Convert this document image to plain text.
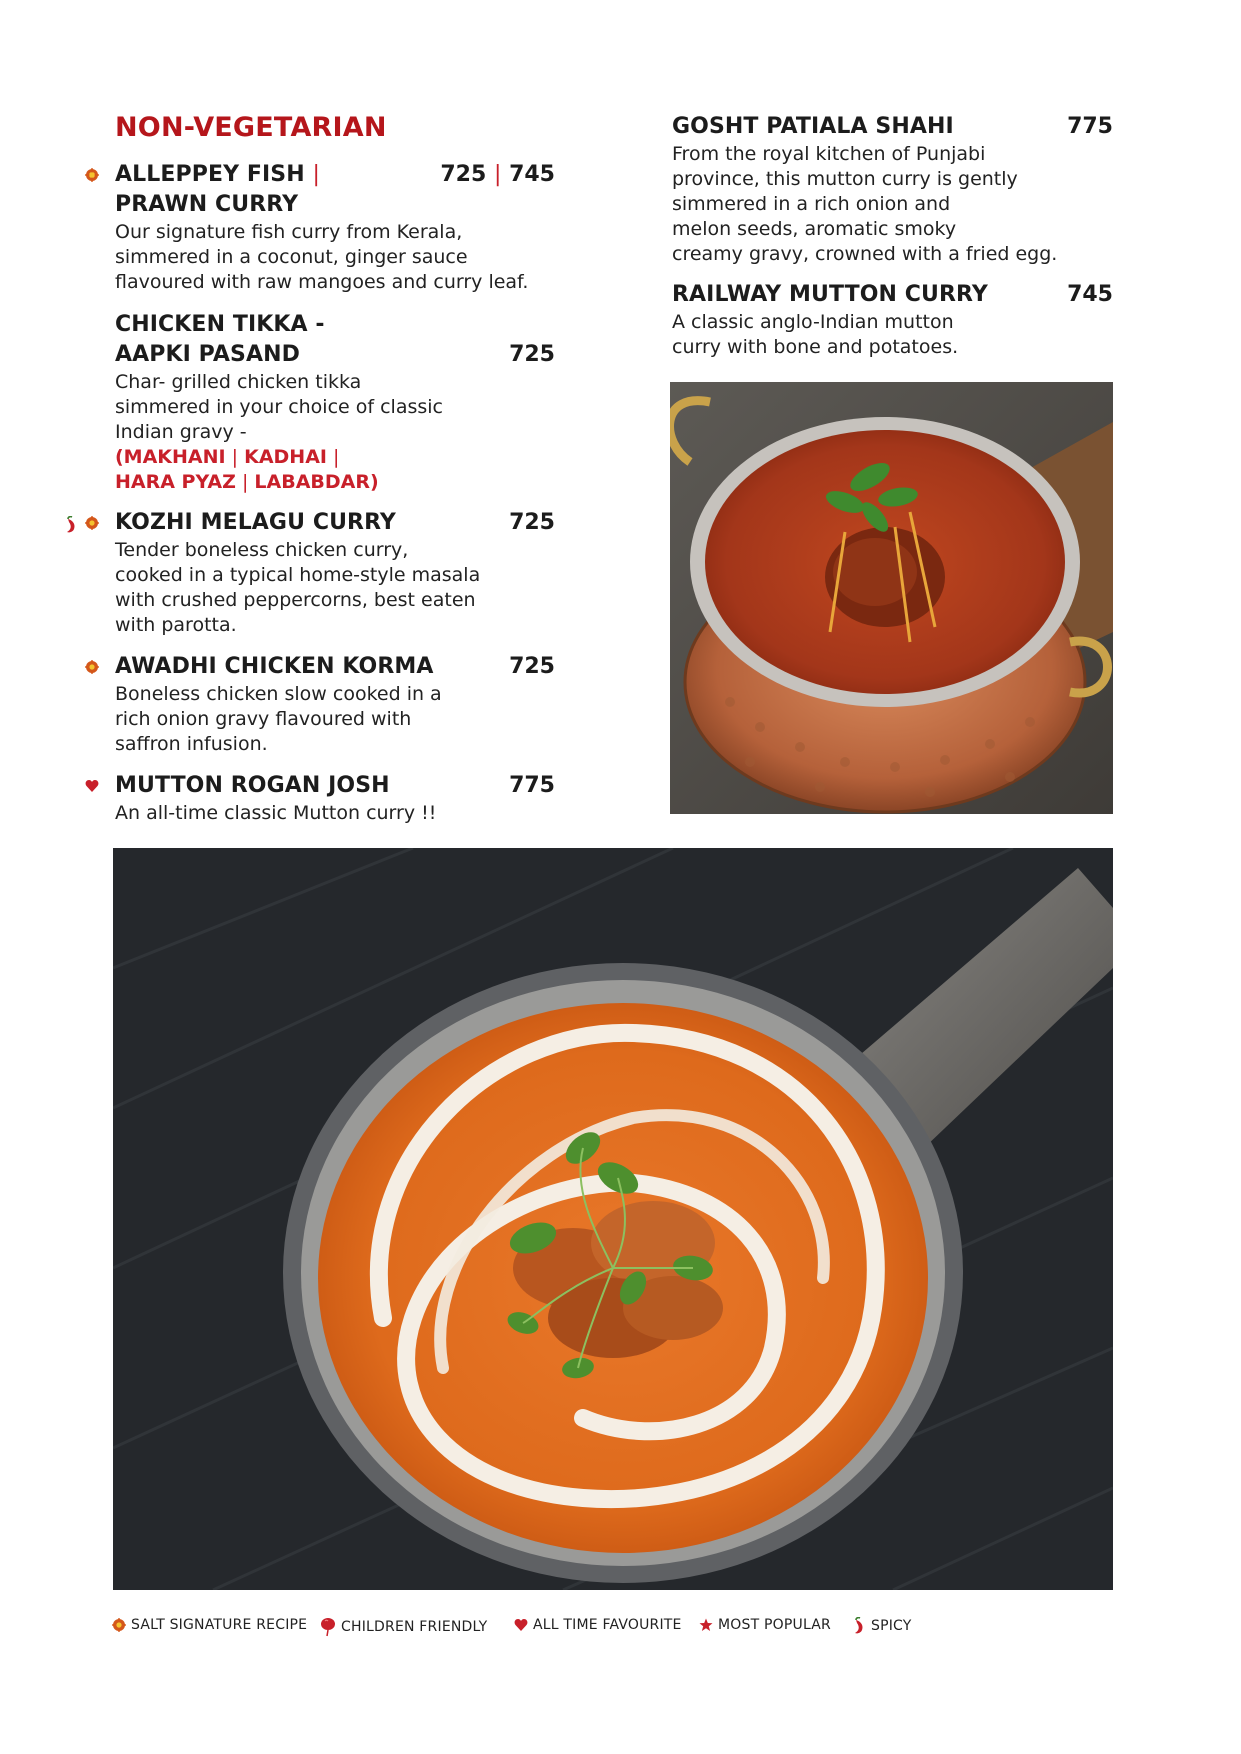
NON-VEGETARIAN
ALLEPPEY FISH |
PRAWN CURRY
Our signature fish curry from Kerala,
simmered in a coconut, ginger sauce
flavoured with raw mangoes and curry leaf.
725 | 745
CHICKEN TIKKA -
AAPKI PASAND
Char- grilled chicken tikka
simmered in your choice of classic
Indian gravy -
(MAKHANI | KADHAI |
HARA PYAZ | LABABDAR)
725
KOZHI MELAGU CURRY
Tender boneless chicken curry,
cooked in a typical home-style masala
with crushed peppercorns, best eaten
with parotta.
725
AWADHI CHICKEN KORMA
Boneless chicken slow cooked in a
rich onion gravy flavoured with
saffron infusion.
725
MUTTON ROGAN JOSH
An all-time classic Mutton curry !!
775
GOSHT PATIALA SHAHI
From the royal kitchen of Punjabi
province, this mutton curry is gently
simmered in a rich onion and
melon seeds, aromatic smoky
creamy gravy, crowned with a fried egg.
775
RAILWAY MUTTON CURRY
A classic anglo-Indian mutton
curry with bone and potatoes.
745
SALT SIGNATURE RECIPE CHILDREN FRIENDLY	ALL TIME FAVOURITE	MOST POPULAR	SPICY
